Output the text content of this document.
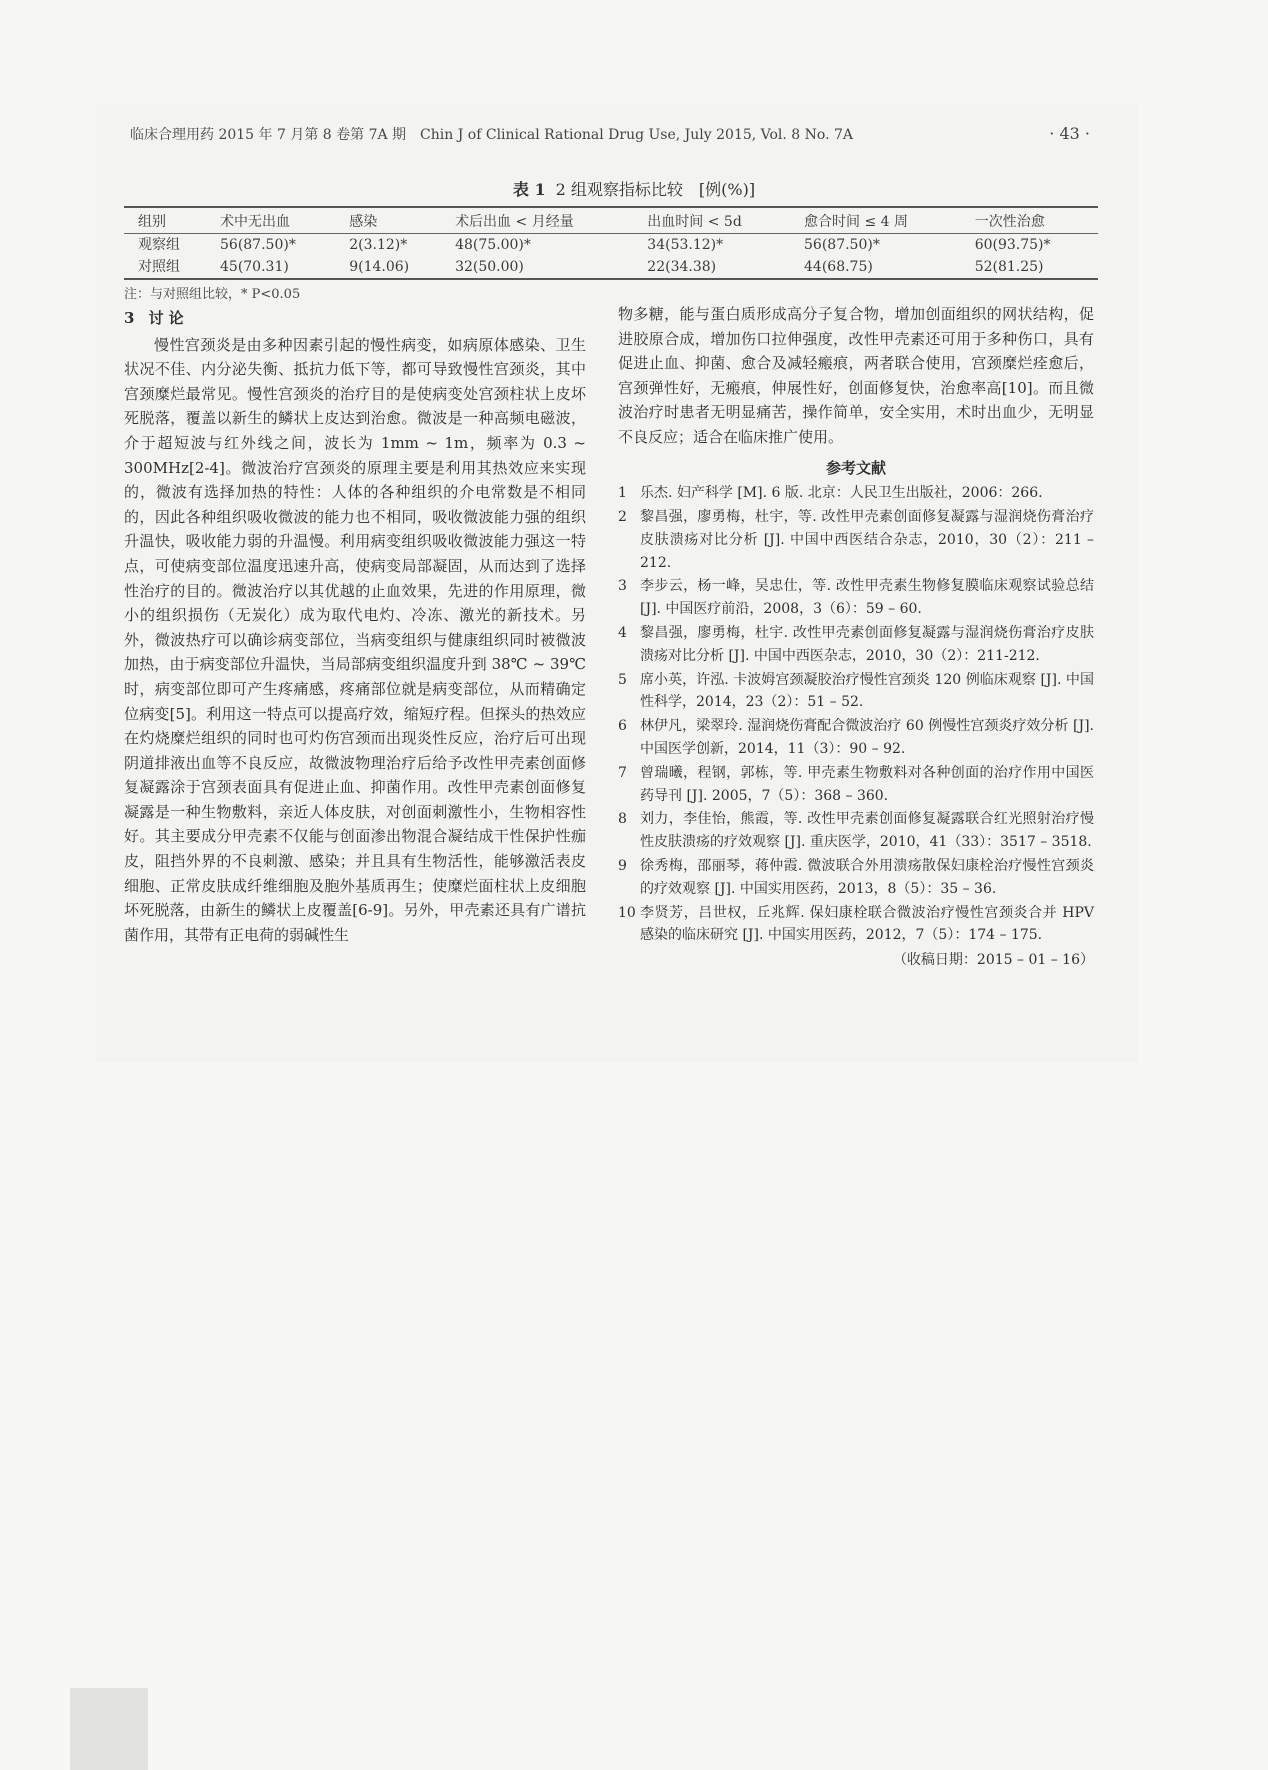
临床合理用药 2015 年 7 月第 8 卷第 7A 期　Chin J of Clinical Rational Drug Use, July 2015, Vol. 8 No. 7A	· 43 ·
表 1 2 组观察指标比较　[例(%)]
组别	术中无出血	感染	术后出血 < 月经量	出血时间 < 5d	愈合时间 ≤ 4 周	一次性治愈
观察组	56(87.50)*	2(3.12)*	48(75.00)*	34(53.12)*	56(87.50)*	60(93.75)*
对照组	45(70.31)	9(14.06)	32(50.00)	22(34.38)	44(68.75)	52(81.25)
注：与对照组比较，* P<0.05
3 讨 论

慢性宫颈炎是由多种因素引起的慢性病变，如病原体感染、卫生状况不佳、内分泌失衡、抵抗力低下等，都可导致慢性宫颈炎，其中宫颈糜烂最常见。慢性宫颈炎的治疗目的是使病变处宫颈柱状上皮坏死脱落，覆盖以新生的鳞状上皮达到治愈。微波是一种高频电磁波，介于超短波与红外线之间，波长为 1mm ~ 1m，频率为 0.3 ~ 300MHz[2-4]。微波治疗宫颈炎的原理主要是利用其热效应来实现的，微波有选择加热的特性：人体的各种组织的介电常数是不相同的，因此各种组织吸收微波的能力也不相同，吸收微波能力强的组织升温快，吸收能力弱的升温慢。利用病变组织吸收微波能力强这一特点，可使病变部位温度迅速升高，使病变局部凝固，从而达到了选择性治疗的目的。微波治疗以其优越的止血效果，先进的作用原理，微小的组织损伤（无炭化）成为取代电灼、冷冻、激光的新技术。另外，微波热疗可以确诊病变部位，当病变组织与健康组织同时被微波加热，由于病变部位升温快，当局部病变组织温度升到 38℃ ~ 39℃时，病变部位即可产生疼痛感，疼痛部位就是病变部位，从而精确定位病变[5]。利用这一特点可以提高疗效，缩短疗程。但探头的热效应在灼烧糜烂组织的同时也可灼伤宫颈而出现炎性反应，治疗后可出现阴道排液出血等不良反应，故微波物理治疗后给予改性甲壳素创面修复凝露涂于宫颈表面具有促进止血、抑菌作用。改性甲壳素创面修复凝露是一种生物敷料，亲近人体皮肤，对创面刺激性小，生物相容性好。其主要成分甲壳素不仅能与创面渗出物混合凝结成干性保护性痂皮，阻挡外界的不良刺激、感染；并且具有生物活性，能够激活表皮细胞、正常皮肤成纤维细胞及胞外基质再生；使糜烂面柱状上皮细胞坏死脱落，由新生的鳞状上皮覆盖[6-9]。另外，甲壳素还具有广谱抗菌作用，其带有正电荷的弱碱性生

物多糖，能与蛋白质形成高分子复合物，增加创面组织的网状结构，促进胶原合成，增加伤口拉伸强度，改性甲壳素还可用于多种伤口，具有促进止血、抑菌、愈合及减轻瘢痕，两者联合使用，宫颈糜烂痊愈后，宫颈弹性好，无瘢痕，伸展性好，创面修复快，治愈率高[10]。而且微波治疗时患者无明显痛苦，操作简单，安全实用，术时出血少，无明显不良反应；适合在临床推广使用。

参考文献
1 乐杰. 妇产科学 [M]. 6 版. 北京：人民卫生出版社，2006：266.
2 黎昌强，廖勇梅，杜宇，等. 改性甲壳素创面修复凝露与湿润烧伤膏治疗皮肤溃疡对比分析 [J]. 中国中西医结合杂志，2010，30（2）：211 – 212.
3 李步云，杨一峰，吴忠仕，等. 改性甲壳素生物修复膜临床观察试验总结 [J]. 中国医疗前沿，2008，3（6）：59 – 60.
4 黎昌强，廖勇梅，杜宇. 改性甲壳素创面修复凝露与湿润烧伤膏治疗皮肤溃疡对比分析 [J]. 中国中西医杂志，2010，30（2）：211-212.
5 席小英，许泓. 卡波姆宫颈凝胶治疗慢性宫颈炎 120 例临床观察 [J]. 中国性科学，2014，23（2）：51 – 52.
6 林伊凡，梁翠玲. 湿润烧伤膏配合微波治疗 60 例慢性宫颈炎疗效分析 [J]. 中国医学创新，2014，11（3）：90 – 92.
7 曾瑞曦，程钢，郭栋，等. 甲壳素生物敷料对各种创面的治疗作用中国医药导刊 [J]. 2005，7（5）：368 – 360.
8 刘力，李佳怡，熊霞，等. 改性甲壳素创面修复凝露联合红光照射治疗慢性皮肤溃疡的疗效观察 [J]. 重庆医学，2010，41（33）：3517 – 3518.
9 徐秀梅，邵丽琴，蒋仲霞. 微波联合外用溃疡散保妇康栓治疗慢性宫颈炎的疗效观察 [J]. 中国实用医药，2013，8（5）：35 – 36.
10 李贤芳，吕世权，丘兆辉. 保妇康栓联合微波治疗慢性宫颈炎合并 HPV 感染的临床研究 [J]. 中国实用医药，2012，7（5）：174 – 175.
（收稿日期：2015 – 01 – 16）
